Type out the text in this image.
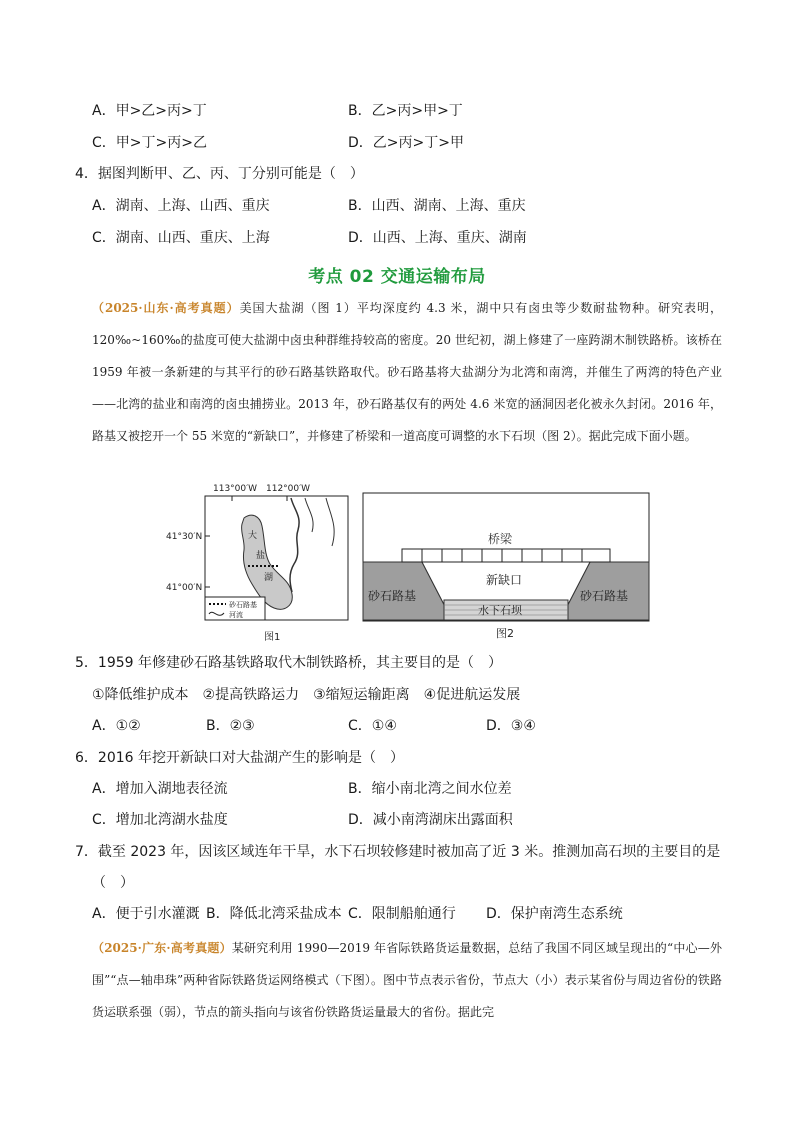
A．甲>乙>丙>丁	B．乙>丙>甲>丁
C．甲>丁>丙>乙	D．乙>丙>丁>甲
4．据图判断甲、乙、丙、丁分别可能是（　）
A．湖南、上海、山西、重庆	B．山西、湖南、上海、重庆
C．湖南、山西、重庆、上海	D．山西、上海、重庆、湖南
考点 02 交通运输布局
（2025·山东·高考真题）美国大盐湖（图 1）平均深度约 4.3 米，湖中只有卤虫等少数耐盐物种。研究表明，120‰~160‰的盐度可使大盐湖中卤虫种群维持较高的密度。20 世纪初，湖上修建了一座跨湖木制铁路桥。该桥在 1959 年被一条新建的与其平行的砂石路基铁路取代。砂石路基将大盐湖分为北湾和南湾，并催生了两湾的特色产业——北湾的盐业和南湾的卤虫捕捞业。2013 年，砂石路基仅有的两处 4.6 米宽的涵洞因老化被永久封闭。2016 年，路基又被挖开一个 55 米宽的“新缺口”，并修建了桥梁和一道高度可调整的水下石坝（图 2）。据此完成下面小题。
113°00′W 112°00′W
41°30′N
41°00′N
大
盐
湖
砂石路基
河流
图1
桥梁
新缺口
砂石路基	砂石路基
水下石坝
图2
5．1959 年修建砂石路基铁路取代木制铁路桥，其主要目的是（　）
①降低维护成本　②提高铁路运力　③缩短运输距离　④促进航运发展
A．①②	B．②③	C．①④	D．③④
6．2016 年挖开新缺口对大盐湖产生的影响是（　）
A．增加入湖地表径流	B．缩小南北湾之间水位差
C．增加北湾湖水盐度	D．减小南湾湖床出露面积
7．截至 2023 年，因该区域连年干旱，水下石坝较修建时被加高了近 3 米。推测加高石坝的主要目的是
（　）
A．便于引水灌溉 B．降低北湾采盐成本 C．限制船舶通行 D．保护南湾生态系统
（2025·广东·高考真题）某研究利用 1990—2019 年省际铁路货运量数据，总结了我国不同区域呈现出的“中心—外围”“点—轴串珠”两种省际铁路货运网络模式（下图）。图中节点表示省份，节点大（小）表示某省份与周边省份的铁路货运联系强（弱），节点的箭头指向与该省份铁路货运量最大的省份。据此完
